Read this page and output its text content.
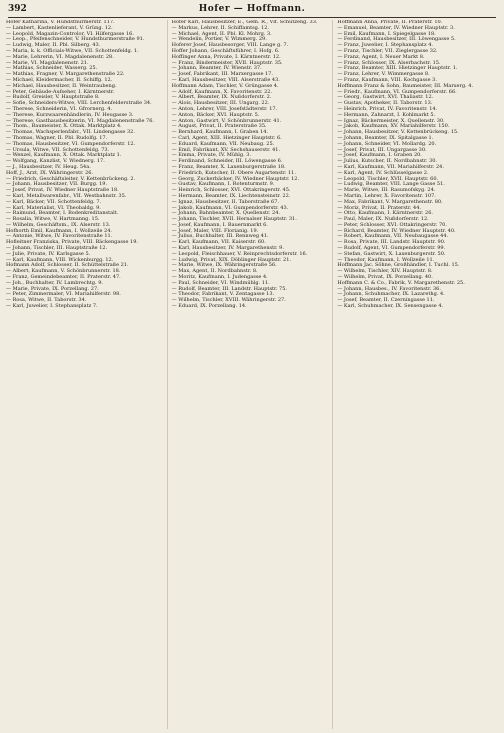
392	Hofer — Hoffmann.

Hofer Katharina, V. Hundsthurmerstr. 117.

— Lambert, Kastenlieferant, V. Grüng. 12.

— Leopold, Magazin-Controlor, VI. Hilfergasse 16.

— Leop., Pfeifenschneider, V. Hundsthurmerstraße 91.

— Ludwig, Maler, II. Pbl. Silberg. 43.

— Maria, k. k. Officials-Witwe, VII. Schottenfeldg. 1.

— Marie, Lehrerin, VI. Magdalenenstr. 28.

— Marie, VI. Magdalenenstr. 21.

— Mathias, Schneider, Wasserg. 25.

— Mathias, Fragner, V. Margarethenstraße 22.

— Michael, Kleidermacher, II. Schiffg. 12.

— Michael, Hausbesitzer, II. Weintraubeng.

— Peter, Gebäude-Aufseher, I. Kärntnerstr.

— Rudolf, Greisler, V. Hauptstraße 8.

— Sofie, Schneiders-Witwe, VIII. Lerchenfelderstraße 34.

— Therese, Schneiderin, VI. Gfrornerg. 4.

— Therese, Kurzwaarenhändlerin, IV. Heugasse 3.

— Therese, Gasthausbesitzerin, VI. Magdalenenstraße 76.

— Thom., Baumeister, X. Ottak. Marktplatz 4.

— Thomas, Wachsperlenfabr., VII. Lindengasse 32.

— Thomas, Wagner, II. Pbl. Rudolfg. 17.

— Thomas, Hausbesitzer, VI. Gumpendorferstr. 12.

— Ursula, Witwe, VII. Schottenfeldg. 73.

— Wenzel, Kaufmann, X. Ottak. Marktplatz 1.

— Wolfgang, Kanzlist, V. Wiednerg. 17.

— J., Hausbesitzer, IV. Heug. 54a.

Hoff, J., Arzt, IX. Währingerstr. 26.

— Friedrich, Geschäftsleiter, V. Kettenbrückeng. 2.

— Johann, Hausbesitzer, VII. Burgg. 19.

— Josef, Privat, IV. Wiedner Hauptstraße 18.

— Karl, Metallwarenfabr., VII. Westbahnstr. 35.

— Karl, Bäcker, VII. Schottenfeldg. 7.

— Karl, Materialist, VI. Theobaldg. 9.

— Raimund, Beamter, I. Bodenkreditanstalt.

— Rosalia, Witwe, V. Hartmanng. 15.

— Wilhelm, Geschäftsm., IX. Alserstr. 13.

Hofhorth Emil, Kaufmann, I. Wollzeile 24.

— Antonie, Witwe, IV. Favoritenstraße 11.

Hofleitner Franziska, Private, VIII. Bäckengasse 19.

— Johann, Tischler, III. Hauptstraße 12.

— Julie, Private, IV. Karlsgasse 5.

— Karl, Kaufmann, VIII. Wickenburgg. 12.

Hofmann Adolf, Schlosser, II. Schüttelstraße 21.

— Albert, Kaufmann, V. Schönbrunnerstr. 18.

— Franz, Gemeindebeamter, II. Praterstr. 47.

— Joh., Buchhalter, IV. Lambrechtg. 9.

— Marie, Private, IX. Porzellang. 27.

— Peter, Zimmermaler, VI. Mariahilferstr. 98.

— Rosa, Witwe, II. Taborstr. 34.

— Karl, Juwelier, I. Stephansplatz 7.

Hofer Karl, Hausbesitzer, E., Gem. R., Vlf. Schützeng. 33.

— Markus, Lehrer, II. Schiffamtsg. 12.

— Michael, Agent, II. Pbl. Kl. Mohrg. 3.

— Wendelin, Portier, V. Wimmerg. 29.

Hoferer Josef, Hausbesorger, VIII. Lange g. 7.

Hoffer Johann, Geschäftsführer, I. Hofg. 6.

Hoffinger Anna, Private, I. Kärntnerstr. 12.

— Franz, Bindermeister, XVII. Hauptstr. 35.

— Johann, Beamter, IV. Wienstr. 37.

— Josef, Fabrikant, III. Marxergasse 17.

— Karl, Hausbesitzer, VIII. Alserstraße 43.

Hoffmann Adam, Tischler, V. Grüngasse 4.

— Adolf, Kaufmann, X. Favoritenstr. 22.

— Albert, Beamter, IX. Nußdorferstr. 2.

— Alois, Hausbesitzer, III. Ungarg. 22.

— Anton, Lehrer, VIII. Josefstädterstr. 17.

— Anton, Bäcker, XVI. Hauptstr. 5.

— Anton, Gastwirt, V. Schönbrunnerstr. 41.

— August, Privat, II. Praterstraße 35.

— Bernhard, Kaufmann, I. Graben 14.

— Carl, Agent, XIII. Hietzinger Hauptstr. 6.

— Eduard, Kaufmann, VII. Neubaug. 25.

— Emil, Fabrikant, XV. Sechshauserstr. 41.

— Emma, Private, IV. Mühlg. 3.

— Ferdinand, Schneider, III. Löwengasse 6.

— Franz, Beamter, X. Laxenburgerstraße 18.

— Friedrich, Kutscher, II. Obere Augartenstr. 11.

— Georg, Zuckerbäcker, IV. Wiedner Hauptstr. 12.

— Gustav, Kaufmann, I. Rotenturmstr. 9.

— Heinrich, Schlosser, XVI. Ottakringerstr. 45.

— Hermann, Beamter, IX. Liechtensteinstr. 22.

— Ignaz, Hausbesitzer, II. Taborstraße 67.

— Jakob, Kaufmann, VI. Gumpendorferstr. 43.

— Johann, Bahnbeamter, X. Quellenstr. 24.

— Johann, Tischler, XVII. Hernalser Hauptstr. 31.

— Josef, Kaufmann, I. Bauernmarkt 6.

— Josef, Maler, VIII. Florianig. 19.

— Julius, Buchhalter, III. Rennweg 41.

— Karl, Kaufmann, VII. Kaiserstr. 60.

— Karl, Hausbesitzer, IV. Margarethenstr. 9.

— Leopold, Fleischhauer, V. Reinprechtsdorferstr. 16.

— Ludwig, Privat, XIX. Döblinger Hauptstr. 21.

— Marie, Witwe, IX. Währingerstraße 56.

— Max, Agent, II. Nordbahnstr. 8.

— Moritz, Kaufmann, I. Judengasse 4.

— Paul, Schneider, VI. Windmühlg. 11.

— Rudolf, Beamter, III. Landstr. Hauptstr. 75.

— Theodor, Fabrikant, V. Zentagasse 13.

— Wilhelm, Tischler, XVIII. Währingerstr. 27.

— Eduard, IX. Porzellang. 14.

Hoffmann Anna, Private, II. Praterstr. 10.

— Emanuel, Beamter, IV. Wiedner Hauptstr. 3.

— Emil, Kaufmann, I. Spiegelgasse 18.

— Ferdinand, Hausbesitzer, III. Löwengasse 5.

— Franz, Juwelier, I. Stephansplatz 4.

— Franz, Tischler, VII. Zieglergasse 32.

— Franz, Agent, I. Neuer Markt 8.

— Franz, Schlosser, IX. Alserbachstr. 15.

— Franz, Beamter, XIII. Hietzinger Hauptstr. 1.

— Franz, Lehrer, V. Wimmergasse 8.

— Franz, Kaufmann, VIII. Kochgasse 3.

Hoffmann Franz & Sohn, Baumeister, III. Marxerg. 4.

— Friedr., Kaufmann, VI. Gumpendorferstr. 66.

— Georg, Gastwirt, XVI. Thaliastr. 12.

— Gustav, Apotheker, II. Taborstr. 13.

— Heinrich, Privat, IV. Favoritenstr. 14.

— Hermann, Zahnarzt, I. Kohlmarkt 5.

— Ignaz, Bäckermeister, X. Quellenstr. 30.

— Jakob, Kaufmann, XV. Mariahilferstr. 150.

— Johann, Hausbesitzer, V. Kettenbrückeng. 15.

— Johann, Beamter, IX. Spitalgasse 1.

— Johann, Schneider, VI. Mollardg. 20.

— Josef, Privat, III. Ungargasse 30.

— Josef, Kaufmann, I. Graben 20.

— Julius, Kutscher, II. Nordbahnstr. 30.

— Karl, Kaufmann, VII. Mariahilferstr. 24.

— Karl, Agent, IV. Schlüsselgasse 2.

— Leopold, Tischler, XVII. Hauptstr. 60.

— Ludwig, Beamter, VIII. Lange Gasse 51.

— Marie, Witwe, III. Rasumofskyg. 24.

— Martin, Lehrer, X. Favoritenstr. 107.

— Max, Fabrikant, V. Margarethenstr. 80.

— Moriz, Privat, II. Praterstr. 44.

— Otto, Kaufmann, I. Kärntnerstr. 26.

— Paul, Maler, IX. Nußdorferstr. 12.

— Peter, Schlosser, XVI. Ottakringerstr. 70.

— Richard, Beamter, IV. Wiedner Hauptstr. 40.

— Robert, Kaufmann, VII. Neubaugasse 44.

— Rosa, Private, III. Landstr. Hauptstr. 90.

— Rudolf, Agent, VI. Gumpendorferstr. 99.

— Stefan, Gastwirt, X. Laxenburgerstr. 50.

— Theodor, Kaufmann, I. Wollzeile 11.

Hoffmann Jac. Söhne, Großhändler, I. Tuchl. 15.

— Wilhelm, Tischler, XIV. Hauptstr. 8.

— Wilhelm, Privat, IX. Porzellang. 40.

Hoffmann C. & Co., Fabrik, V. Margarethenstr. 25.

— Johann, Hausbes., IV. Favoritenstr. 36.

— Johann, Schuhmacher, IX. Lazarethg. 4.

— Josef, Beamter, II. Czerningasse 11.

— Karl, Schuhmacher, IX. Sensengasse 4.
